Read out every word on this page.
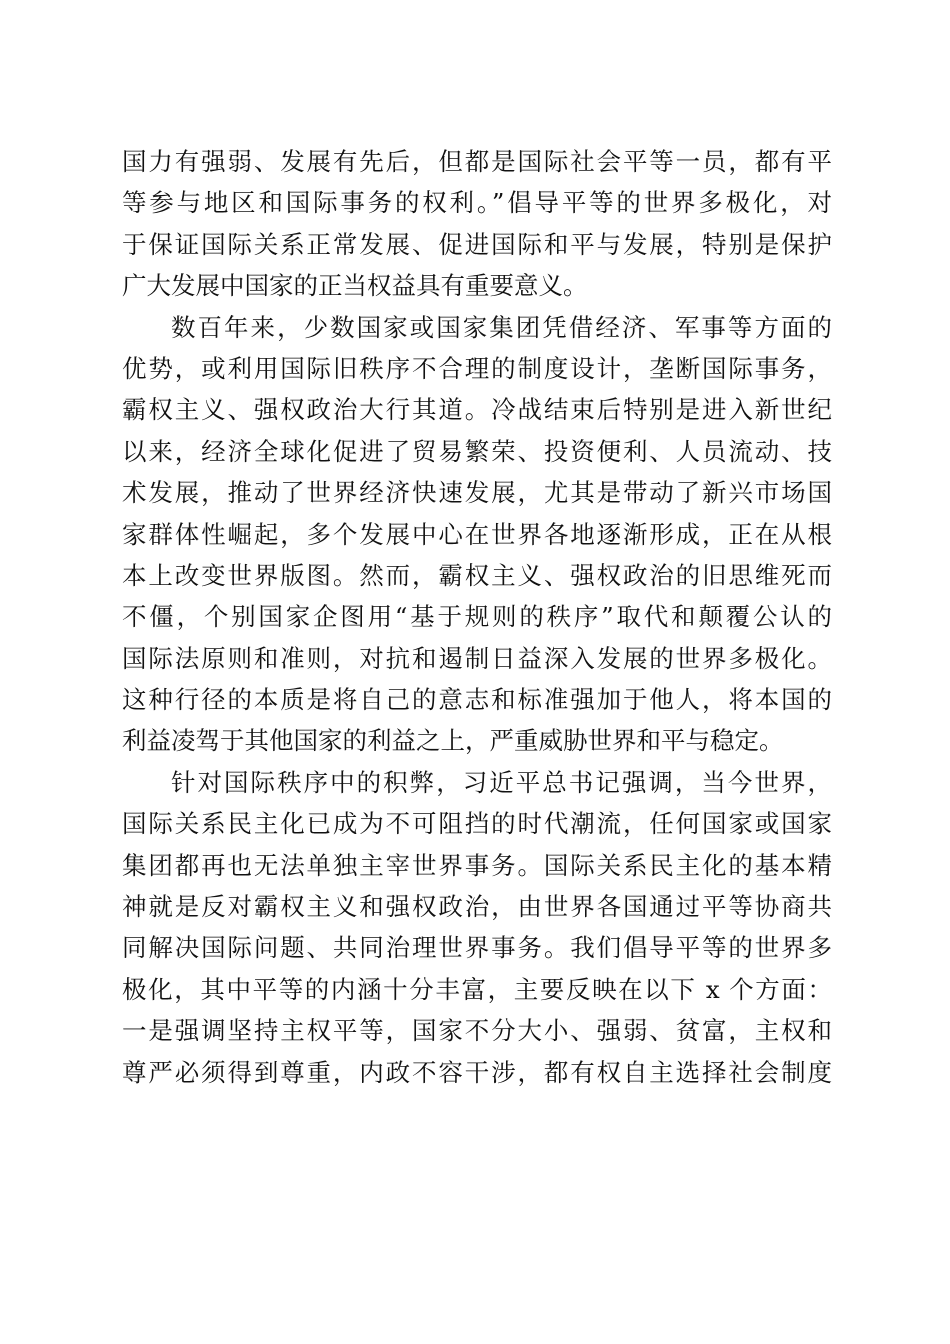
国力有强弱、发展有先后，但都是国际社会平等一员，都有平
等参与地区和国际事务的权利。”倡导平等的世界多极化，对
于保证国际关系正常发展、促进国际和平与发展，特别是保护
广大发展中国家的正当权益具有重要意义。
数百年来，少数国家或国家集团凭借经济、军事等方面的
优势，或利用国际旧秩序不合理的制度设计，垄断国际事务，
霸权主义、强权政治大行其道。冷战结束后特别是进入新世纪
以来，经济全球化促进了贸易繁荣、投资便利、人员流动、技
术发展，推动了世界经济快速发展，尤其是带动了新兴市场国
家群体性崛起，多个发展中心在世界各地逐渐形成，正在从根
本上改变世界版图。然而，霸权主义、强权政治的旧思维死而
不僵，个别国家企图用“基于规则的秩序”取代和颠覆公认的
国际法原则和准则，对抗和遏制日益深入发展的世界多极化。
这种行径的本质是将自己的意志和标准强加于他人，将本国的
利益凌驾于其他国家的利益之上，严重威胁世界和平与稳定。
针对国际秩序中的积弊，习近平总书记强调，当今世界，
国际关系民主化已成为不可阻挡的时代潮流，任何国家或国家
集团都再也无法单独主宰世界事务。国际关系民主化的基本精
神就是反对霸权主义和强权政治，由世界各国通过平等协商共
同解决国际问题、共同治理世界事务。我们倡导平等的世界多
极化，其中平等的内涵十分丰富，主要反映在以下 x 个方面：
一是强调坚持主权平等，国家不分大小、强弱、贫富，主权和
尊严必须得到尊重，内政不容干涉，都有权自主选择社会制度
